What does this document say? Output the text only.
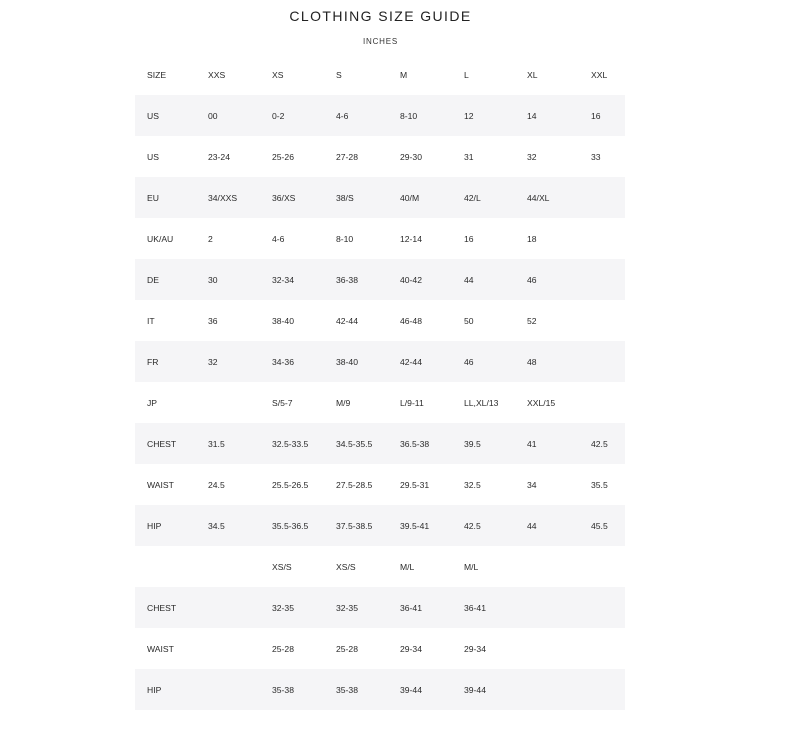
CLOTHING SIZE GUIDE
INCHES
SIZE	XXS	XS	S	M	L	XL	XXL
US	00	0-2	4-6	8-10	12	14	16
US	23-24	25-26	27-28	29-30	31	32	33
EU	34/XXS	36/XS	38/S	40/M	42/L	44/XL	
UK/AU	2	4-6	8-10	12-14	16	18	
DE	30	32-34	36-38	40-42	44	46	
IT	36	38-40	42-44	46-48	50	52	
FR	32	34-36	38-40	42-44	46	48	
JP		S/5-7	M/9	L/9-11	LL,XL/13	XXL/15	
CHEST	31.5	32.5-33.5	34.5-35.5	36.5-38	39.5	41	42.5
WAIST	24.5	25.5-26.5	27.5-28.5	29.5-31	32.5	34	35.5
HIP	34.5	35.5-36.5	37.5-38.5	39.5-41	42.5	44	45.5
		XS/S	XS/S	M/L	M/L		
CHEST		32-35	32-35	36-41	36-41		
WAIST		25-28	25-28	29-34	29-34		
HIP		35-38	35-38	39-44	39-44		
